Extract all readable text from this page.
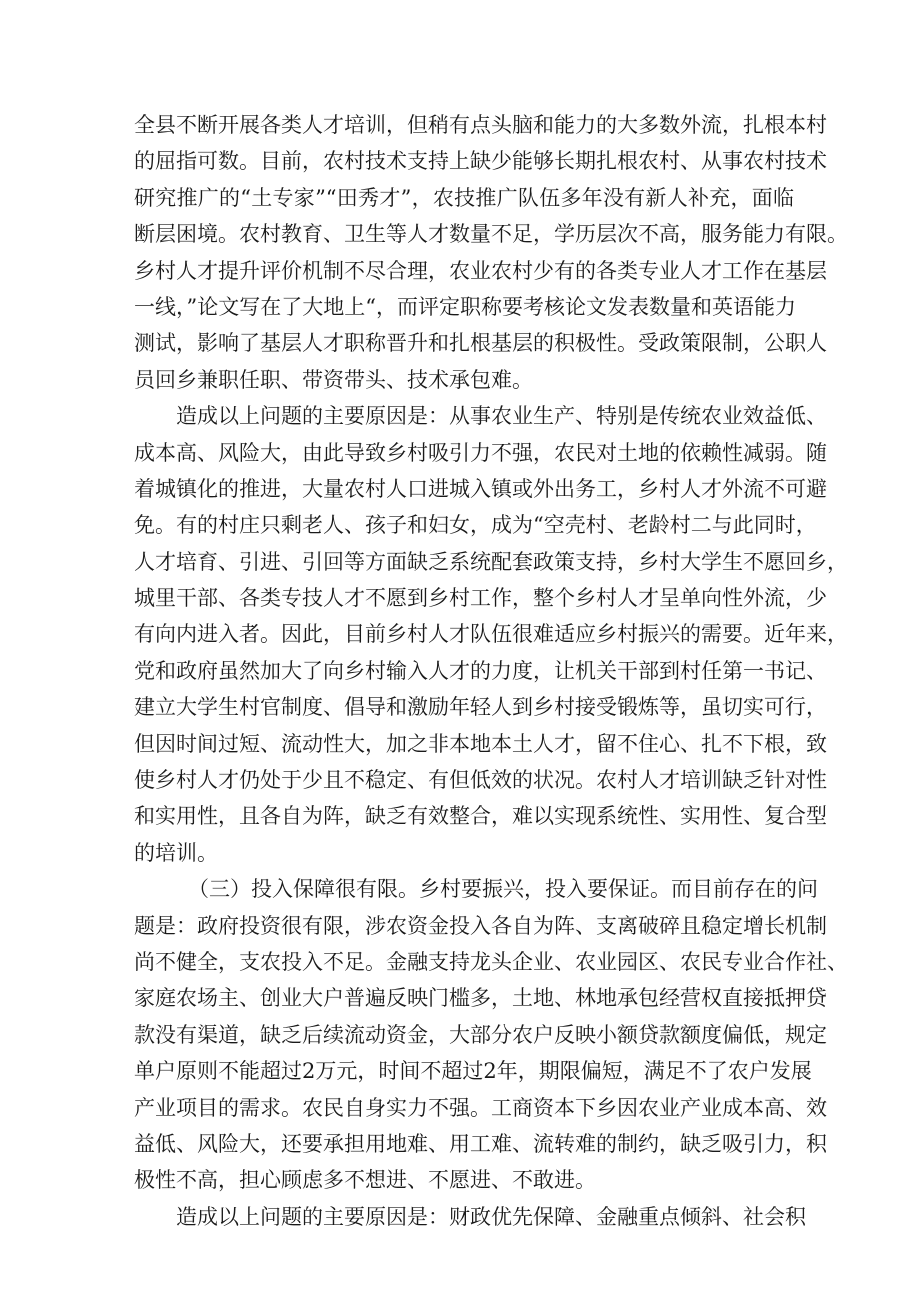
全县不断开展各类人才培训，但稍有点头脑和能力的大多数外流，扎根本村
的屈指可数。目前，农村技术支持上缺少能够长期扎根农村、从事农村技术
研究推广的“土专家”“田秀才”，农技推广队伍多年没有新人补充，面临
断层困境。农村教育、卫生等人才数量不足，学历层次不高，服务能力有限。
乡村人才提升评价机制不尽合理，农业农村少有的各类专业人才工作在基层
一线，”论文写在了大地上“，而评定职称要考核论文发表数量和英语能力
测试，影响了基层人才职称晋升和扎根基层的积极性。受政策限制，公职人
员回乡兼职任职、带资带头、技术承包难。
造成以上问题的主要原因是：从事农业生产、特别是传统农业效益低、
成本高、风险大，由此导致乡村吸引力不强，农民对土地的依赖性减弱。随
着城镇化的推进，大量农村人口进城入镇或外出务工，乡村人才外流不可避
免。有的村庄只剩老人、孩子和妇女，成为“空壳村、老龄村二与此同时，
人才培育、引进、引回等方面缺乏系统配套政策支持，乡村大学生不愿回乡，
城里干部、各类专技人才不愿到乡村工作，整个乡村人才呈单向性外流，少
有向内进入者。因此，目前乡村人才队伍很难适应乡村振兴的需要。近年来，
党和政府虽然加大了向乡村输入人才的力度，让机关干部到村任第一书记、
建立大学生村官制度、倡导和激励年轻人到乡村接受锻炼等，虽切实可行，
但因时间过短、流动性大，加之非本地本土人才，留不住心、扎不下根，致
使乡村人才仍处于少且不稳定、有但低效的状况。农村人才培训缺乏针对性
和实用性，且各自为阵，缺乏有效整合，难以实现系统性、实用性、复合型
的培训。
（三）投入保障很有限。乡村要振兴，投入要保证。而目前存在的问
题是：政府投资很有限，涉农资金投入各自为阵、支离破碎且稳定增长机制
尚不健全，支农投入不足。金融支持龙头企业、农业园区、农民专业合作社、
家庭农场主、创业大户普遍反映门槛多，土地、林地承包经营权直接抵押贷
款没有渠道，缺乏后续流动资金，大部分农户反映小额贷款额度偏低，规定
单户原则不能超过2万元，时间不超过2年，期限偏短，满足不了农户发展
产业项目的需求。农民自身实力不强。工商资本下乡因农业产业成本高、效
益低、风险大，还要承担用地难、用工难、流转难的制约，缺乏吸引力，积
极性不高，担心顾虑多不想进、不愿进、不敢进。
造成以上问题的主要原因是：财政优先保障、金融重点倾斜、社会积
